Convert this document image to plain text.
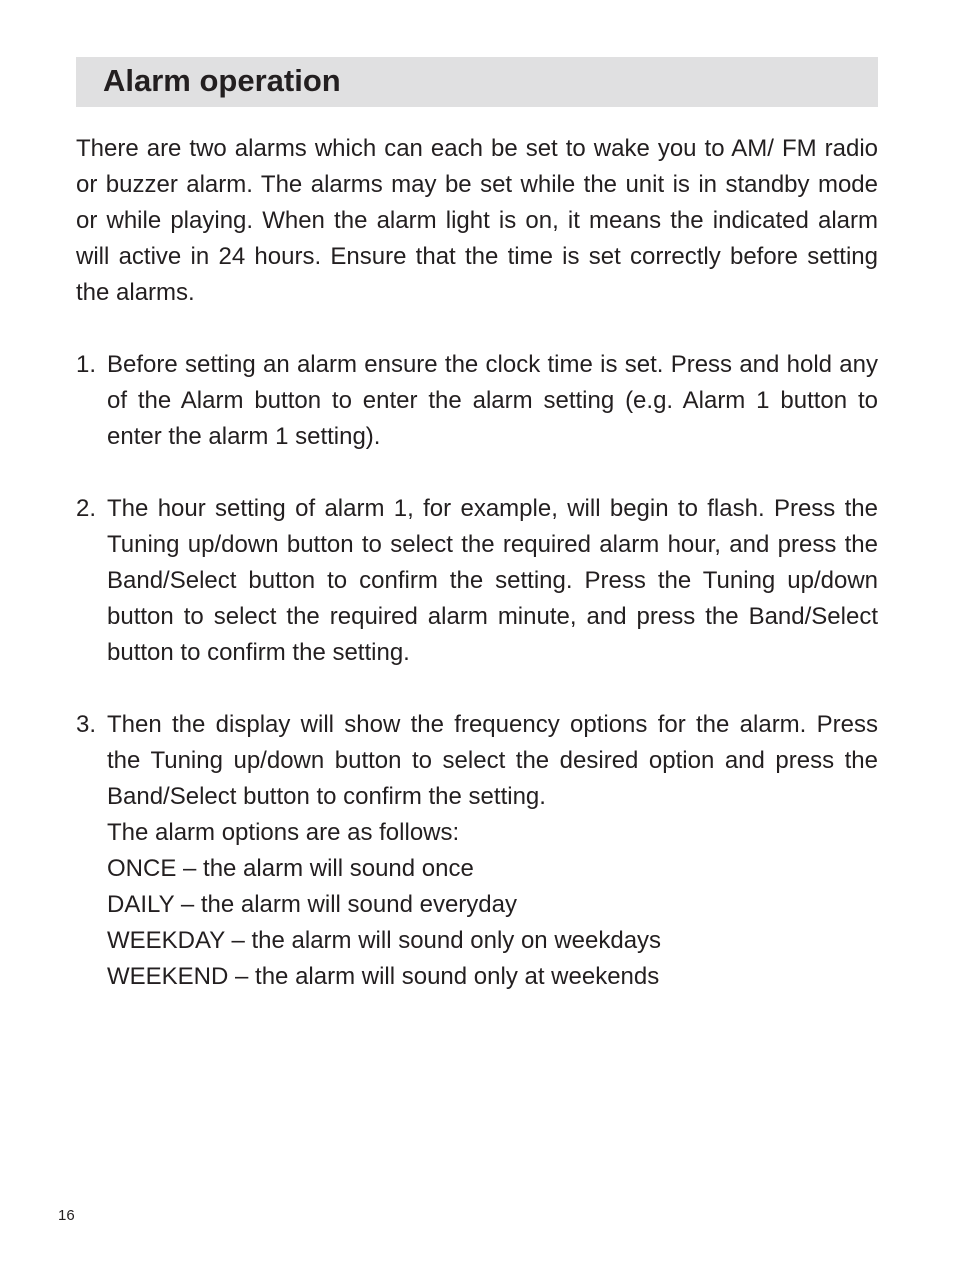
Alarm operation

There are two alarms which can each be set to wake you to AM/ FM radio or buzzer alarm. The alarms may be set while the unit is in standby mode or while playing. When the alarm light is on, it means the indicated alarm will active in 24 hours. Ensure that the time is set correctly before setting the alarms.

1. Before setting an alarm ensure the clock time is set. Press and hold any of the Alarm button to enter the alarm setting (e.g. Alarm 1 button to enter the alarm 1 setting).
2. The hour setting of alarm 1, for example, will begin to flash. Press the Tuning up/down button to select the required alarm hour, and press the Band/Select button to confirm the setting. Press the Tuning up/down button to select the required alarm minute, and press the Band/Select button to confirm the setting.
3. Then the display will show the frequency options for the alarm. Press the Tuning up/down button to select the desired option and press the Band/Select button to confirm the setting.
The alarm options are as follows:
ONCE – the alarm will sound once
DAILY – the alarm will sound everyday
WEEKDAY – the alarm will sound only on weekdays
WEEKEND – the alarm will sound only at weekends
16
